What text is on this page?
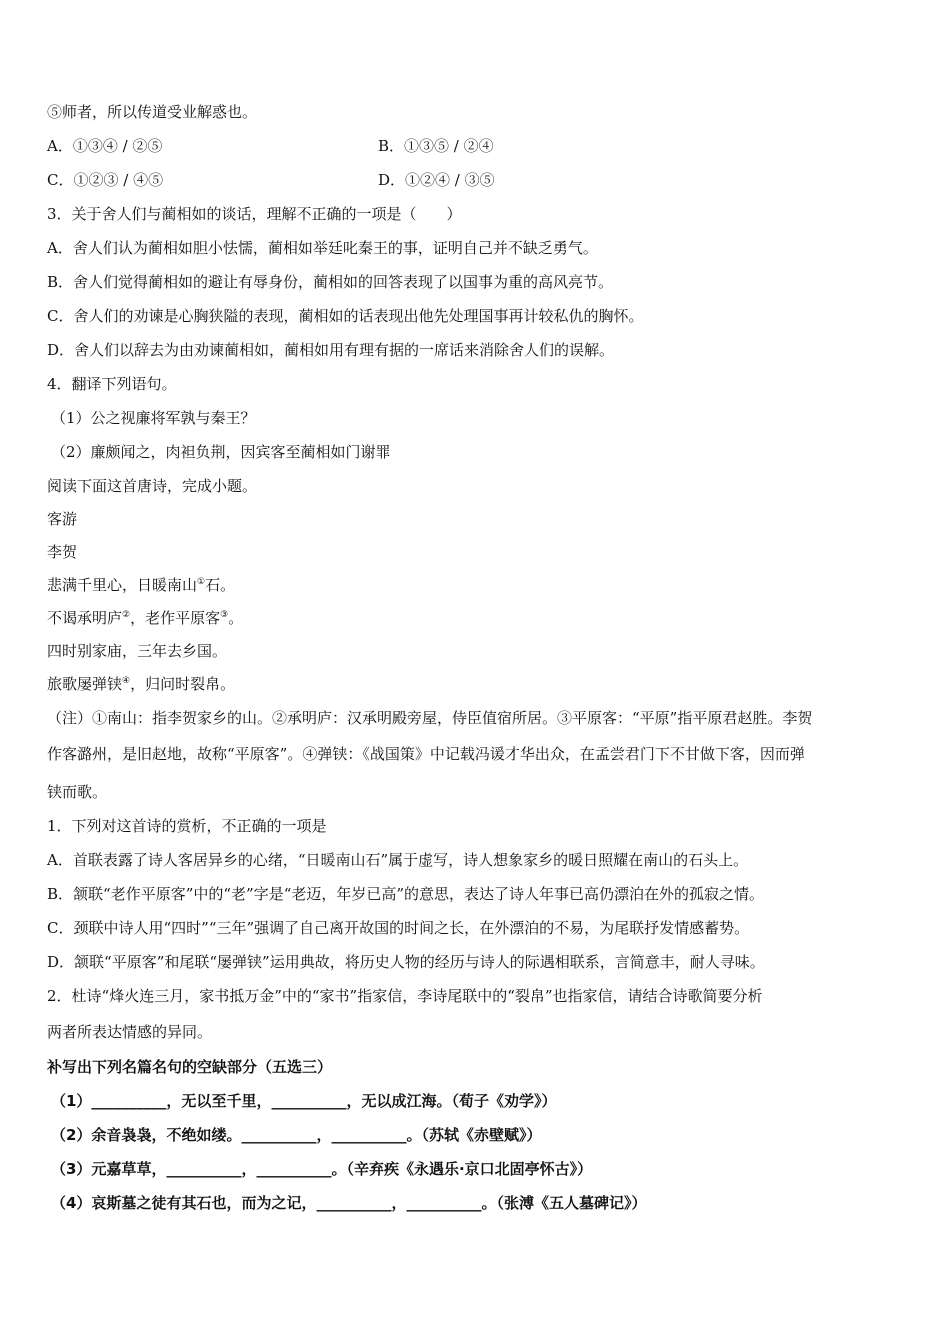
⑤师者，所以传道受业解惑也。
A．①③④ / ②⑤	B．①③⑤ / ②④
C．①②③ / ④⑤	D．①②④ / ③⑤
3．关于舍人们与蔺相如的谈话，理解不正确的一项是（　　）
A．舍人们认为蔺相如胆小怯懦，蔺相如举廷叱秦王的事，证明自己并不缺乏勇气。
B．舍人们觉得蔺相如的避让有辱身份，蔺相如的回答表现了以国事为重的高风亮节。
C．舍人们的劝谏是心胸狭隘的表现，蔺相如的话表现出他先处理国事再计较私仇的胸怀。
D．舍人们以辞去为由劝谏蔺相如，蔺相如用有理有据的一席话来消除舍人们的误解。
4．翻译下列语句。
（1）公之视廉将军孰与秦王？
（2）廉颇闻之，肉袒负荆，因宾客至蔺相如门谢罪
阅读下面这首唐诗，完成小题。
客游
李贺
悲满千里心，日暖南山①石。
不谒承明庐②，老作平原客③。
四时别家庙，三年去乡国。
旅歌屡弹铗④，归问时裂帛。
（注）①南山：指李贺家乡的山。②承明庐：汉承明殿旁屋，侍臣值宿所居。③平原客：“平原”指平原君赵胜。李贺
作客潞州，是旧赵地，故称“平原客”。④弹铗：《战国策》中记载冯谖才华出众，在孟尝君门下不甘做下客，因而弹
铗而歌。
1．下列对这首诗的赏析，不正确的一项是
A．首联表露了诗人客居异乡的心绪，“日暖南山石”属于虚写，诗人想象家乡的暖日照耀在南山的石头上。
B．颔联“老作平原客”中的“老”字是“老迈，年岁已高”的意思，表达了诗人年事已高仍漂泊在外的孤寂之情。
C．颈联中诗人用“四时”“三年”强调了自己离开故国的时间之长，在外漂泊的不易，为尾联抒发情感蓄势。
D．颔联“平原客”和尾联“屡弹铗”运用典故，将历史人物的经历与诗人的际遇相联系，言简意丰，耐人寻味。
2．杜诗“烽火连三月，家书抵万金”中的“家书”指家信，李诗尾联中的“裂帛”也指家信，请结合诗歌简要分析
两者所表达情感的异同。
补写出下列名篇名句的空缺部分（五选三）
（1）__________，无以至千里，__________，无以成江海。（荀子《劝学》）
（2）余音袅袅，不绝如缕。__________，__________。（苏轼《赤壁赋》）
（3）元嘉草草，__________，__________。（辛弃疾《永遇乐·京口北固亭怀古》）
（4）哀斯墓之徒有其石也，而为之记，__________，__________。（张溥《五人墓碑记》）
